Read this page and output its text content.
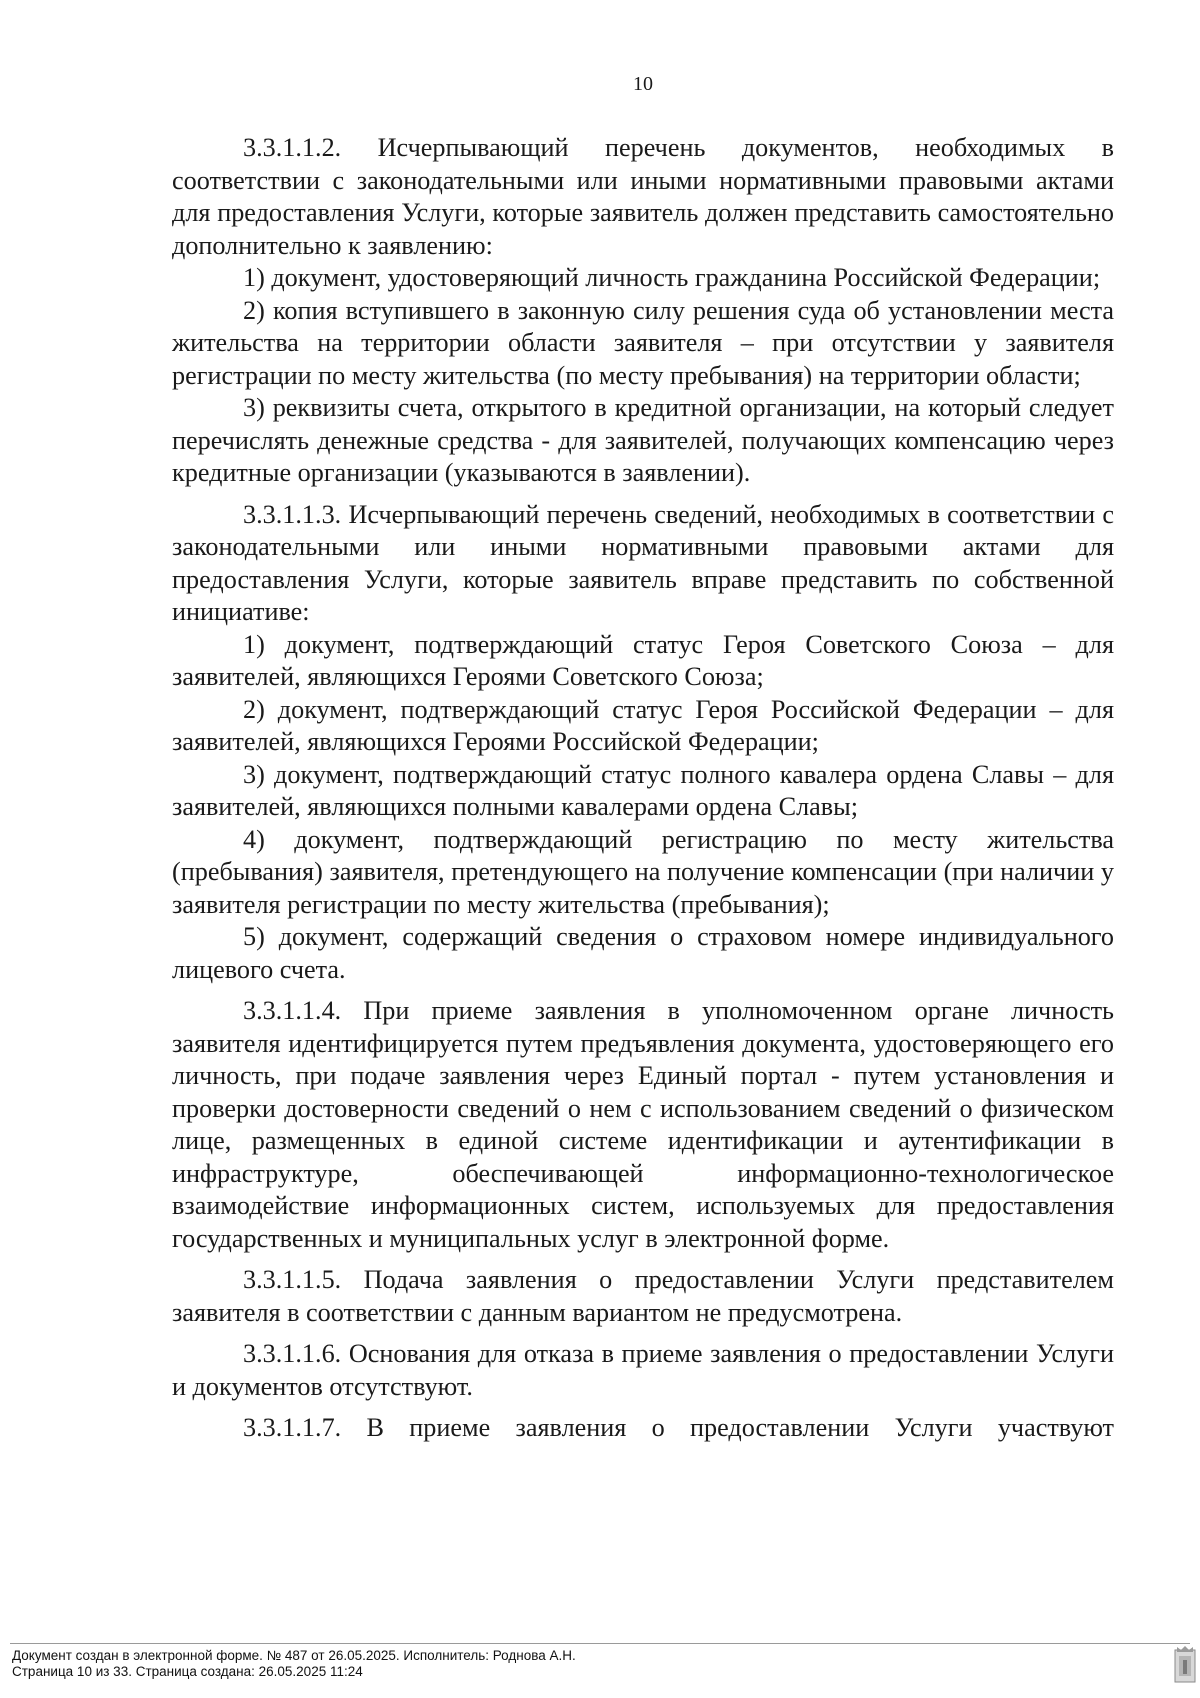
10

3.3.1.1.2. Исчерпывающий перечень документов, необходимых в соответствии с законодательными или иными нормативными правовыми актами для предоставления Услуги, которые заявитель должен представить самостоятельно дополнительно к заявлению:

1) документ, удостоверяющий личность гражданина Российской Федерации;

2) копия вступившего в законную силу решения суда об установлении места жительства на территории области заявителя – при отсутствии у заявителя регистрации по месту жительства (по месту пребывания) на территории области;

3) реквизиты счета, открытого в кредитной организации, на который следует перечислять денежные средства - для заявителей, получающих компенсацию через кредитные организации (указываются в заявлении).

3.3.1.1.3. Исчерпывающий перечень сведений, необходимых в соответствии с законодательными или иными нормативными правовыми актами для предоставления Услуги, которые заявитель вправе представить по собственной инициативе:

1) документ, подтверждающий статус Героя Советского Союза – для заявителей, являющихся Героями Советского Союза;

2) документ, подтверждающий статус Героя Российской Федерации – для заявителей, являющихся Героями Российской Федерации;

3) документ, подтверждающий статус полного кавалера ордена Славы – для заявителей, являющихся полными кавалерами ордена Славы;

4) документ, подтверждающий регистрацию по месту жительства (пребывания) заявителя, претендующего на получение компенсации (при наличии у заявителя регистрации по месту жительства (пребывания);

5) документ, содержащий сведения о страховом номере индивидуального лицевого счета.

3.3.1.1.4. При приеме заявления в уполномоченном органе личность заявителя идентифицируется путем предъявления документа, удостоверяющего его личность, при подаче заявления через Единый портал - путем установления и проверки достоверности сведений о нем с использованием сведений о физическом лице, размещенных в единой системе идентификации и аутентификации в инфраструктуре, обеспечивающей информационно-технологическое взаимодействие информационных систем, используемых для предоставления государственных и муниципальных услуг в электронной форме.

3.3.1.1.5. Подача заявления о предоставлении Услуги представителем заявителя в соответствии с данным вариантом не предусмотрена.

3.3.1.1.6. Основания для отказа в приеме заявления о предоставлении Услуги и документов отсутствуют.

3.3.1.1.7. В приеме заявления о предоставлении Услуги участвуют

Документ создан в электронной форме. № 487 от 26.05.2025. Исполнитель: Роднова А.Н.
Страница 10 из 33. Страница создана: 26.05.2025 11:24
